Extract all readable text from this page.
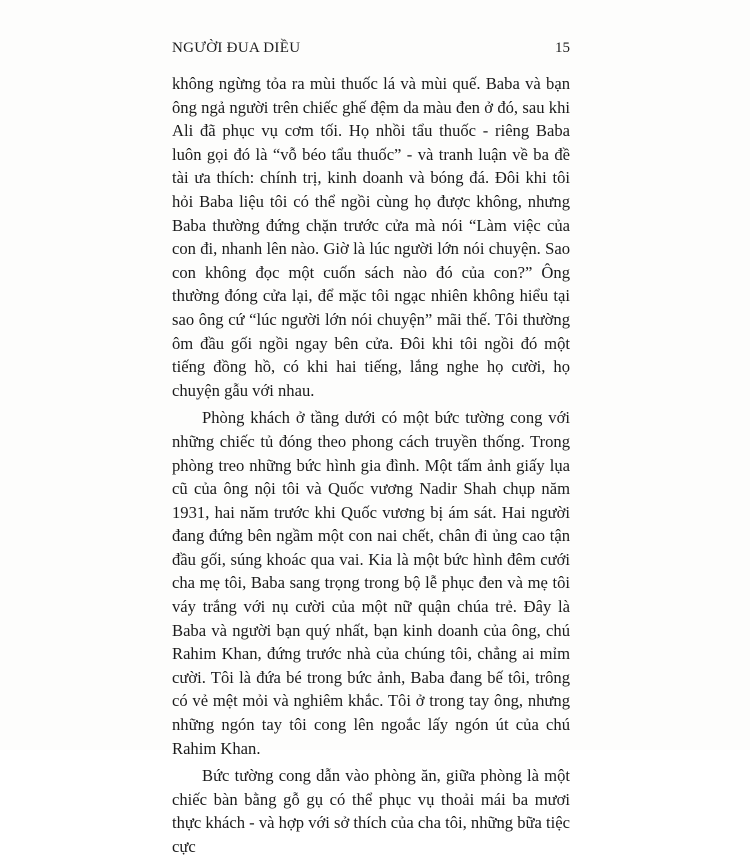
NGƯỜI ĐUA DIỀU	15

không ngừng tỏa ra mùi thuốc lá và mùi quế. Baba và bạn ông ngả người trên chiếc ghế đệm da màu đen ở đó, sau khi Ali đã phục vụ cơm tối. Họ nhồi tẩu thuốc - riêng Baba luôn gọi đó là “vỗ béo tẩu thuốc” - và tranh luận về ba đề tài ưa thích: chính trị, kinh doanh và bóng đá. Đôi khi tôi hỏi Baba liệu tôi có thể ngồi cùng họ được không, nhưng Baba thường đứng chặn trước cửa mà nói “Làm việc của con đi, nhanh lên nào. Giờ là lúc người lớn nói chuyện. Sao con không đọc một cuốn sách nào đó của con?” Ông thường đóng cửa lại, để mặc tôi ngạc nhiên không hiểu tại sao ông cứ “lúc người lớn nói chuyện” mãi thế. Tôi thường ôm đầu gối ngồi ngay bên cửa. Đôi khi tôi ngồi đó một tiếng đồng hồ, có khi hai tiếng, lắng nghe họ cười, họ chuyện gẫu với nhau.

Phòng khách ở tầng dưới có một bức tường cong với những chiếc tủ đóng theo phong cách truyền thống. Trong phòng treo những bức hình gia đình. Một tấm ảnh giấy lụa cũ của ông nội tôi và Quốc vương Nadir Shah chụp năm 1931, hai năm trước khi Quốc vương bị ám sát. Hai người đang đứng bên ngầm một con nai chết, chân đi ủng cao tận đầu gối, súng khoác qua vai. Kia là một bức hình đêm cưới cha mẹ tôi, Baba sang trọng trong bộ lễ phục đen và mẹ tôi váy trắng với nụ cười của một nữ quận chúa trẻ. Đây là Baba và người bạn quý nhất, bạn kinh doanh của ông, chú Rahim Khan, đứng trước nhà của chúng tôi, chẳng ai mỉm cười. Tôi là đứa bé trong bức ảnh, Baba đang bế tôi, trông có vẻ mệt mỏi và nghiêm khắc. Tôi ở trong tay ông, nhưng những ngón tay tôi cong lên ngoắc lấy ngón út của chú Rahim Khan.

Bức tường cong dẫn vào phòng ăn, giữa phòng là một chiếc bàn bằng gỗ gụ có thể phục vụ thoải mái ba mươi thực khách - và hợp với sở thích của cha tôi, những bữa tiệc cực
